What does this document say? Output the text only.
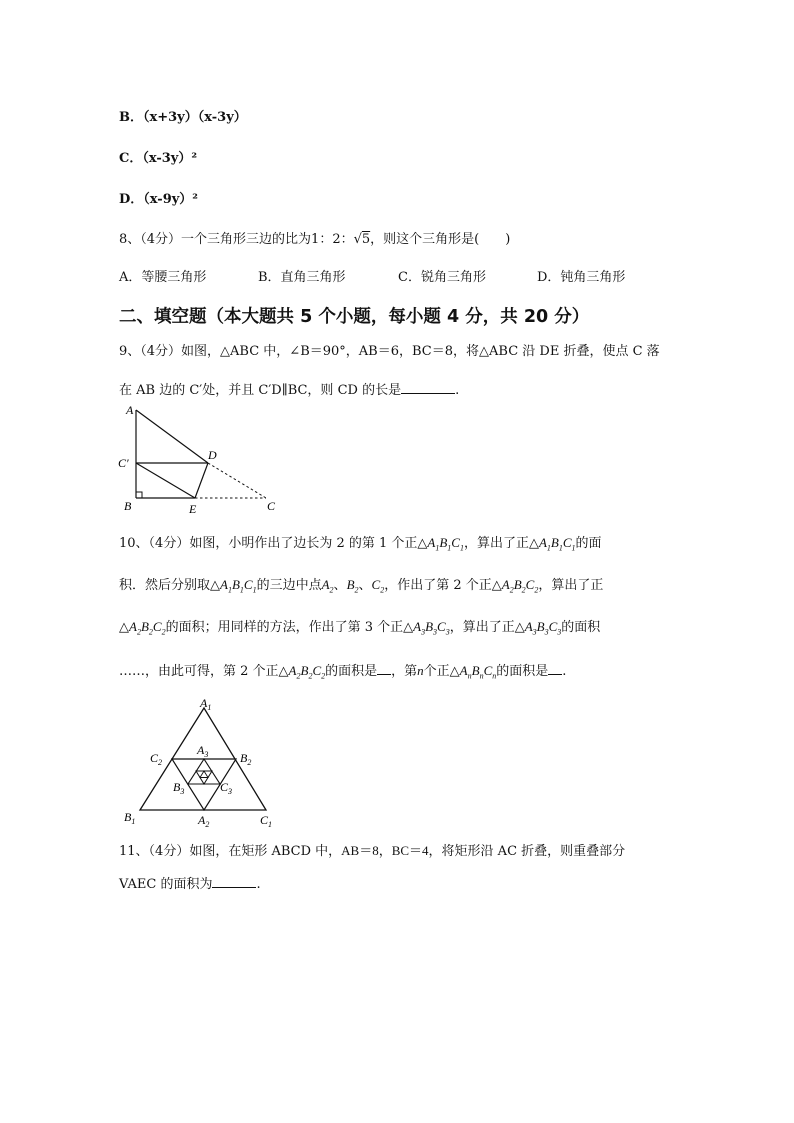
B．（x+3y）（x-3y）
C．（x-3y）²
D．（x-9y）²
8、（4分）一个三角形三边的比为1：2：√5，则这个三角形是(　　)
A．等腰三角形	B．直角三角形	C．锐角三角形	D．钝角三角形
二、填空题（本大题共 5 个小题，每小题 4 分，共 20 分）
9、（4分）如图，△ABC 中，∠B＝90°，AB＝6，BC＝8，将△ABC 沿 DE 折叠，使点 C 落
在 AB 边的 C′处，并且 C′D∥BC，则 CD 的长是	.
A
C′
D
B	E	C
10、（4分）如图，小明作出了边长为 2 的第 1 个正$\triangle A_1B_1C_1$，算出了正$\triangle A_1B_1C_1$的面
积．然后分别取$\triangle A_1B_1C_1$的三边中点$A_2$、$B_2$、$C_2$，作出了第 2 个正$\triangle A_2B_2C_2$，算出了正
$\triangle A_2B_2C_2$的面积；用同样的方法，作出了第 3 个正$\triangle A_3B_3C_3$，算出了正$\triangle A_3B_3C_3$的面积
……，由此可得，第 2 个正$\triangle A_2B_2C_2$的面积是 ，第n个正$\triangle A_nB_nC_n$的面积是 .
$A_1$
$B_1$	$C_1$
$A_2$
$B_2$
$C_2$
$A_3$
$B_3$	$C_3$
11、（4分）如图，在矩形 ABCD 中，AB＝8，BC＝4，将矩形沿 AC 折叠，则重叠部分
VAEC 的面积为	.
